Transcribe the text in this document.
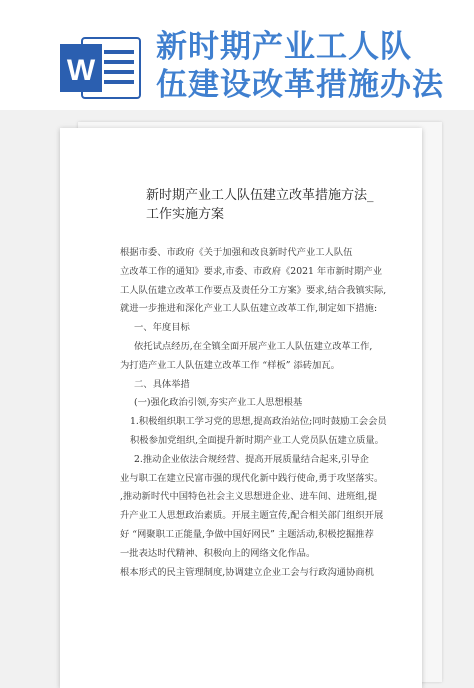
W
新时期产业工人队
伍建设改革措施办法
新时期产业工人队伍建立改革措施方法_
工作实施方案
根据市委、市政府《关于加强和改良新时代产业工人队伍
立改革工作的通知》要求,市委、市政府《2021 年市新时期产业
工人队伍建立改革工作要点及责任分工方案》要求,结合我镇实际,
就进一步推进和深化产业工人队伍建立改革工作,制定如下措施:
一、年度目标
依托试点经历,在全镇全面开展产业工人队伍建立改革工作,
为打造产业工人队伍建立改革工作 “样板” 添砖加瓦。
二、具体举措
(一)强化政治引领,夯实产业工人思想根基
1.积极组织职工学习党的思想,提高政治站位;同时鼓励工会会员
积极参加党组织,全面提升新时期产业工人党员队伍建立质量。
2.推动企业依法合规经营、提高开展质量结合起来,引导企
业与职工在建立民富市强的现代化新中践行使命,勇于攻坚落实。
,推动新时代中国特色社会主义思想进企业、进车间、进班组,提
升产业工人思想政治素质。开展主题宣传,配合相关部门组织开展
好 “网聚职工正能量,争做中国好网民” 主题活动,积极挖掘推荐
一批表达时代精神、积极向上的网络文化作品。
根本形式的民主管理制度,协调建立企业工会与行政沟通协商机
